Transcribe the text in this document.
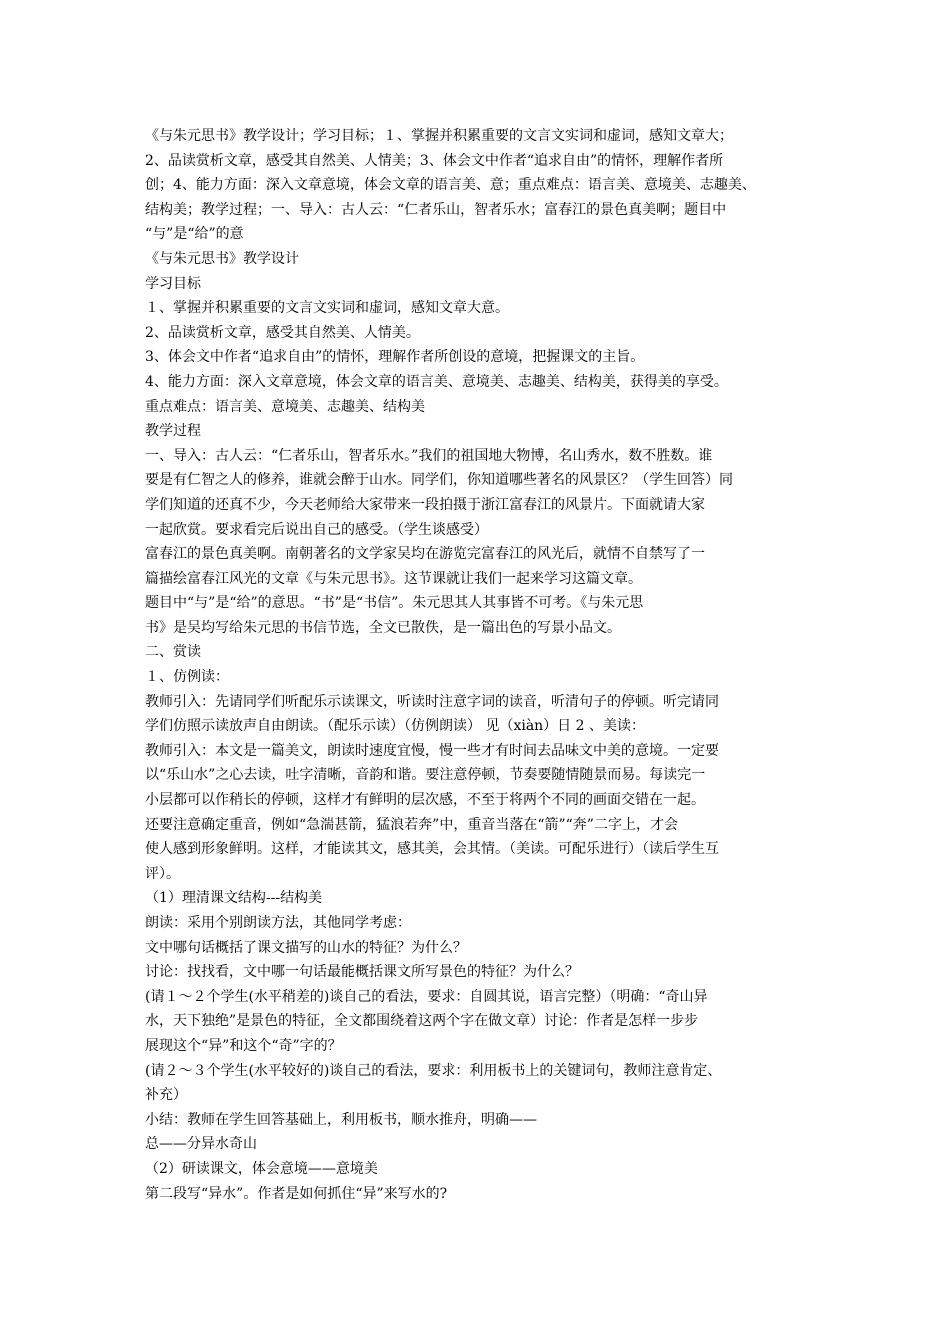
《与朱元思书》教学设计；学习目标；１、掌握并积累重要的文言文实词和虚词，感知文章大；
2、品读赏析文章，感受其自然美、人情美；3、体会文中作者“追求自由”的情怀，理解作者所
创；4、能力方面：深入文章意境，体会文章的语言美、意；重点难点：语言美、意境美、志趣美、
结构美；教学过程；一、导入：古人云：“仁者乐山，智者乐水；富春江的景色真美啊；题目中
“与”是“给”的意
《与朱元思书》教学设计
学习目标
１、掌握并积累重要的文言文实词和虚词，感知文章大意。
2、品读赏析文章，感受其自然美、人情美。
3、体会文中作者“追求自由”的情怀，理解作者所创设的意境，把握课文的主旨。
4、能力方面：深入文章意境，体会文章的语言美、意境美、志趣美、结构美，获得美的享受。
重点难点：语言美、意境美、志趣美、结构美
教学过程
一、导入：古人云：“仁者乐山，智者乐水。”我们的祖国地大物博，名山秀水，数不胜数。谁
要是有仁智之人的修养，谁就会醉于山水。同学们，你知道哪些著名的风景区？（学生回答）同
学们知道的还真不少，今天老师给大家带来一段拍摄于浙江富春江的风景片。下面就请大家
一起欣赏。要求看完后说出自己的感受。（学生谈感受）
富春江的景色真美啊。南朝著名的文学家吴均在游览完富春江的风光后，就情不自禁写了一
篇描绘富春江风光的文章《与朱元思书》。这节课就让我们一起来学习这篇文章。
题目中“与”是“给”的意思。“书”是“书信”。朱元思其人其事皆不可考。《与朱元思
书》是吴均写给朱元思的书信节选，全文已散佚，是一篇出色的写景小品文。
二、赏读
１、仿例读：
教师引入：先请同学们听配乐示读课文，听读时注意字词的读音，听清句子的停顿。听完请同
学们仿照示读放声自由朗读。（配乐示读）（仿例朗读） 见（xiàn）日 2 、美读：
教师引入：本文是一篇美文，朗读时速度宜慢，慢一些才有时间去品味文中美的意境。一定要
以“乐山水”之心去读，吐字清晰，音韵和谐。要注意停顿，节奏要随情随景而易。每读完一
小层都可以作稍长的停顿，这样才有鲜明的层次感，不至于将两个不同的画面交错在一起。
还要注意确定重音，例如“急湍甚箭，猛浪若奔”中，重音当落在“箭”“奔”二字上，才会
使人感到形象鲜明。这样，才能读其文，感其美，会其情。（美读。可配乐进行）（读后学生互
评）。
（1）理清课文结构---结构美
朗读：采用个别朗读方法，其他同学考虑：
文中哪句话概括了课文描写的山水的特征？为什么？
讨论：找找看，文中哪一句话最能概括课文所写景色的特征？为什么？
(请１～２个学生(水平稍差的)谈自己的看法，要求：自圆其说，语言完整）（明确：“奇山异
水，天下独绝”是景色的特征，全文都围绕着这两个字在做文章）讨论：作者是怎样一步步
展现这个“异”和这个“奇”字的？
(请２～３个学生(水平较好的)谈自己的看法，要求：利用板书上的关键词句，教师注意肯定、
补充）
小结：教师在学生回答基础上，利用板书，顺水推舟，明确——
总——分异水奇山
（2）研读课文，体会意境——意境美
第二段写“异水”。作者是如何抓住“异”来写水的?
